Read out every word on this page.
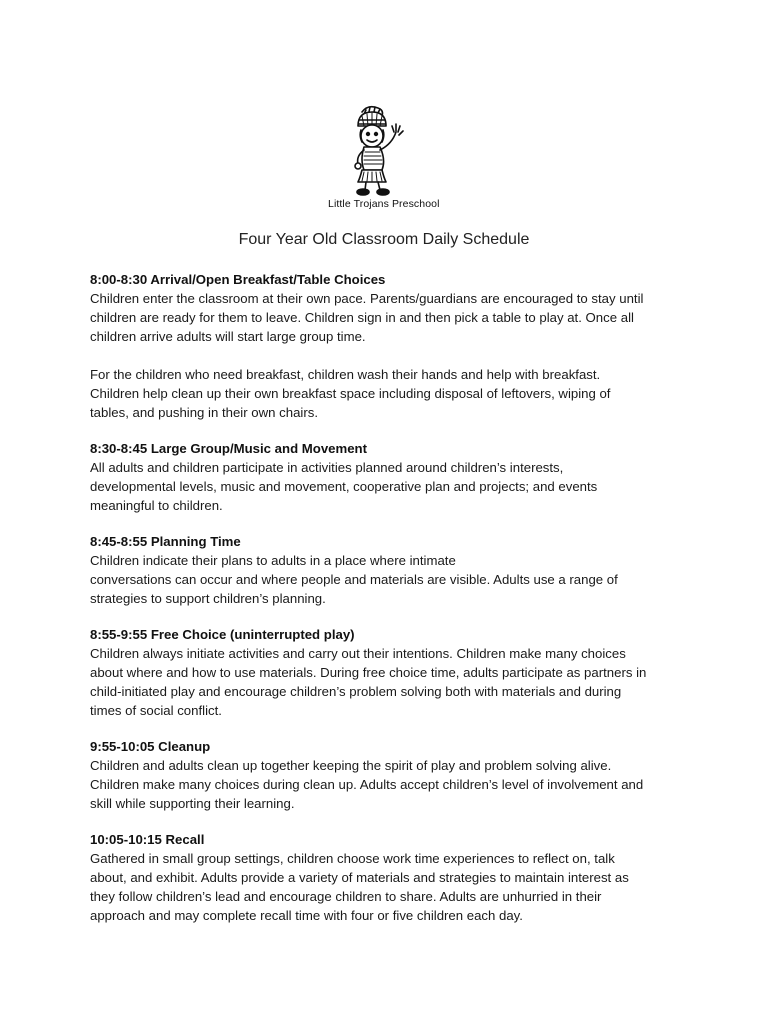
Little Trojans Preschool
Four Year Old Classroom Daily Schedule
8:00-8:30 Arrival/Open Breakfast/Table Choices
Children enter the classroom at their own pace. Parents/guardians are encouraged to stay until
children are ready for them to leave. Children sign in and then pick a table to play at. Once all
children arrive adults will start large group time.
For the children who need breakfast, children wash their hands and help with breakfast.
Children help clean up their own breakfast space including disposal of leftovers, wiping of
tables, and pushing in their own chairs.
8:30-8:45 Large Group/Music and Movement
All adults and children participate in activities planned around children’s interests,
developmental levels, music and movement, cooperative plan and projects; and events
meaningful to children.
8:45-8:55 Planning Time
Children indicate their plans to adults in a place where intimate
conversations can occur and where people and materials are visible. Adults use a range of
strategies to support children’s planning.
8:55-9:55 Free Choice (uninterrupted play)
Children always initiate activities and carry out their intentions. Children make many choices
about where and how to use materials. During free choice time, adults participate as partners in
child-initiated play and encourage children’s problem solving both with materials and during
times of social conflict.
9:55-10:05 Cleanup
Children and adults clean up together keeping the spirit of play and problem solving alive.
Children make many choices during clean up. Adults accept children’s level of involvement and
skill while supporting their learning.
10:05-10:15 Recall
Gathered in small group settings, children choose work time experiences to reflect on, talk
about, and exhibit. Adults provide a variety of materials and strategies to maintain interest as
they follow children’s lead and encourage children to share. Adults are unhurried in their
approach and may complete recall time with four or five children each day.
